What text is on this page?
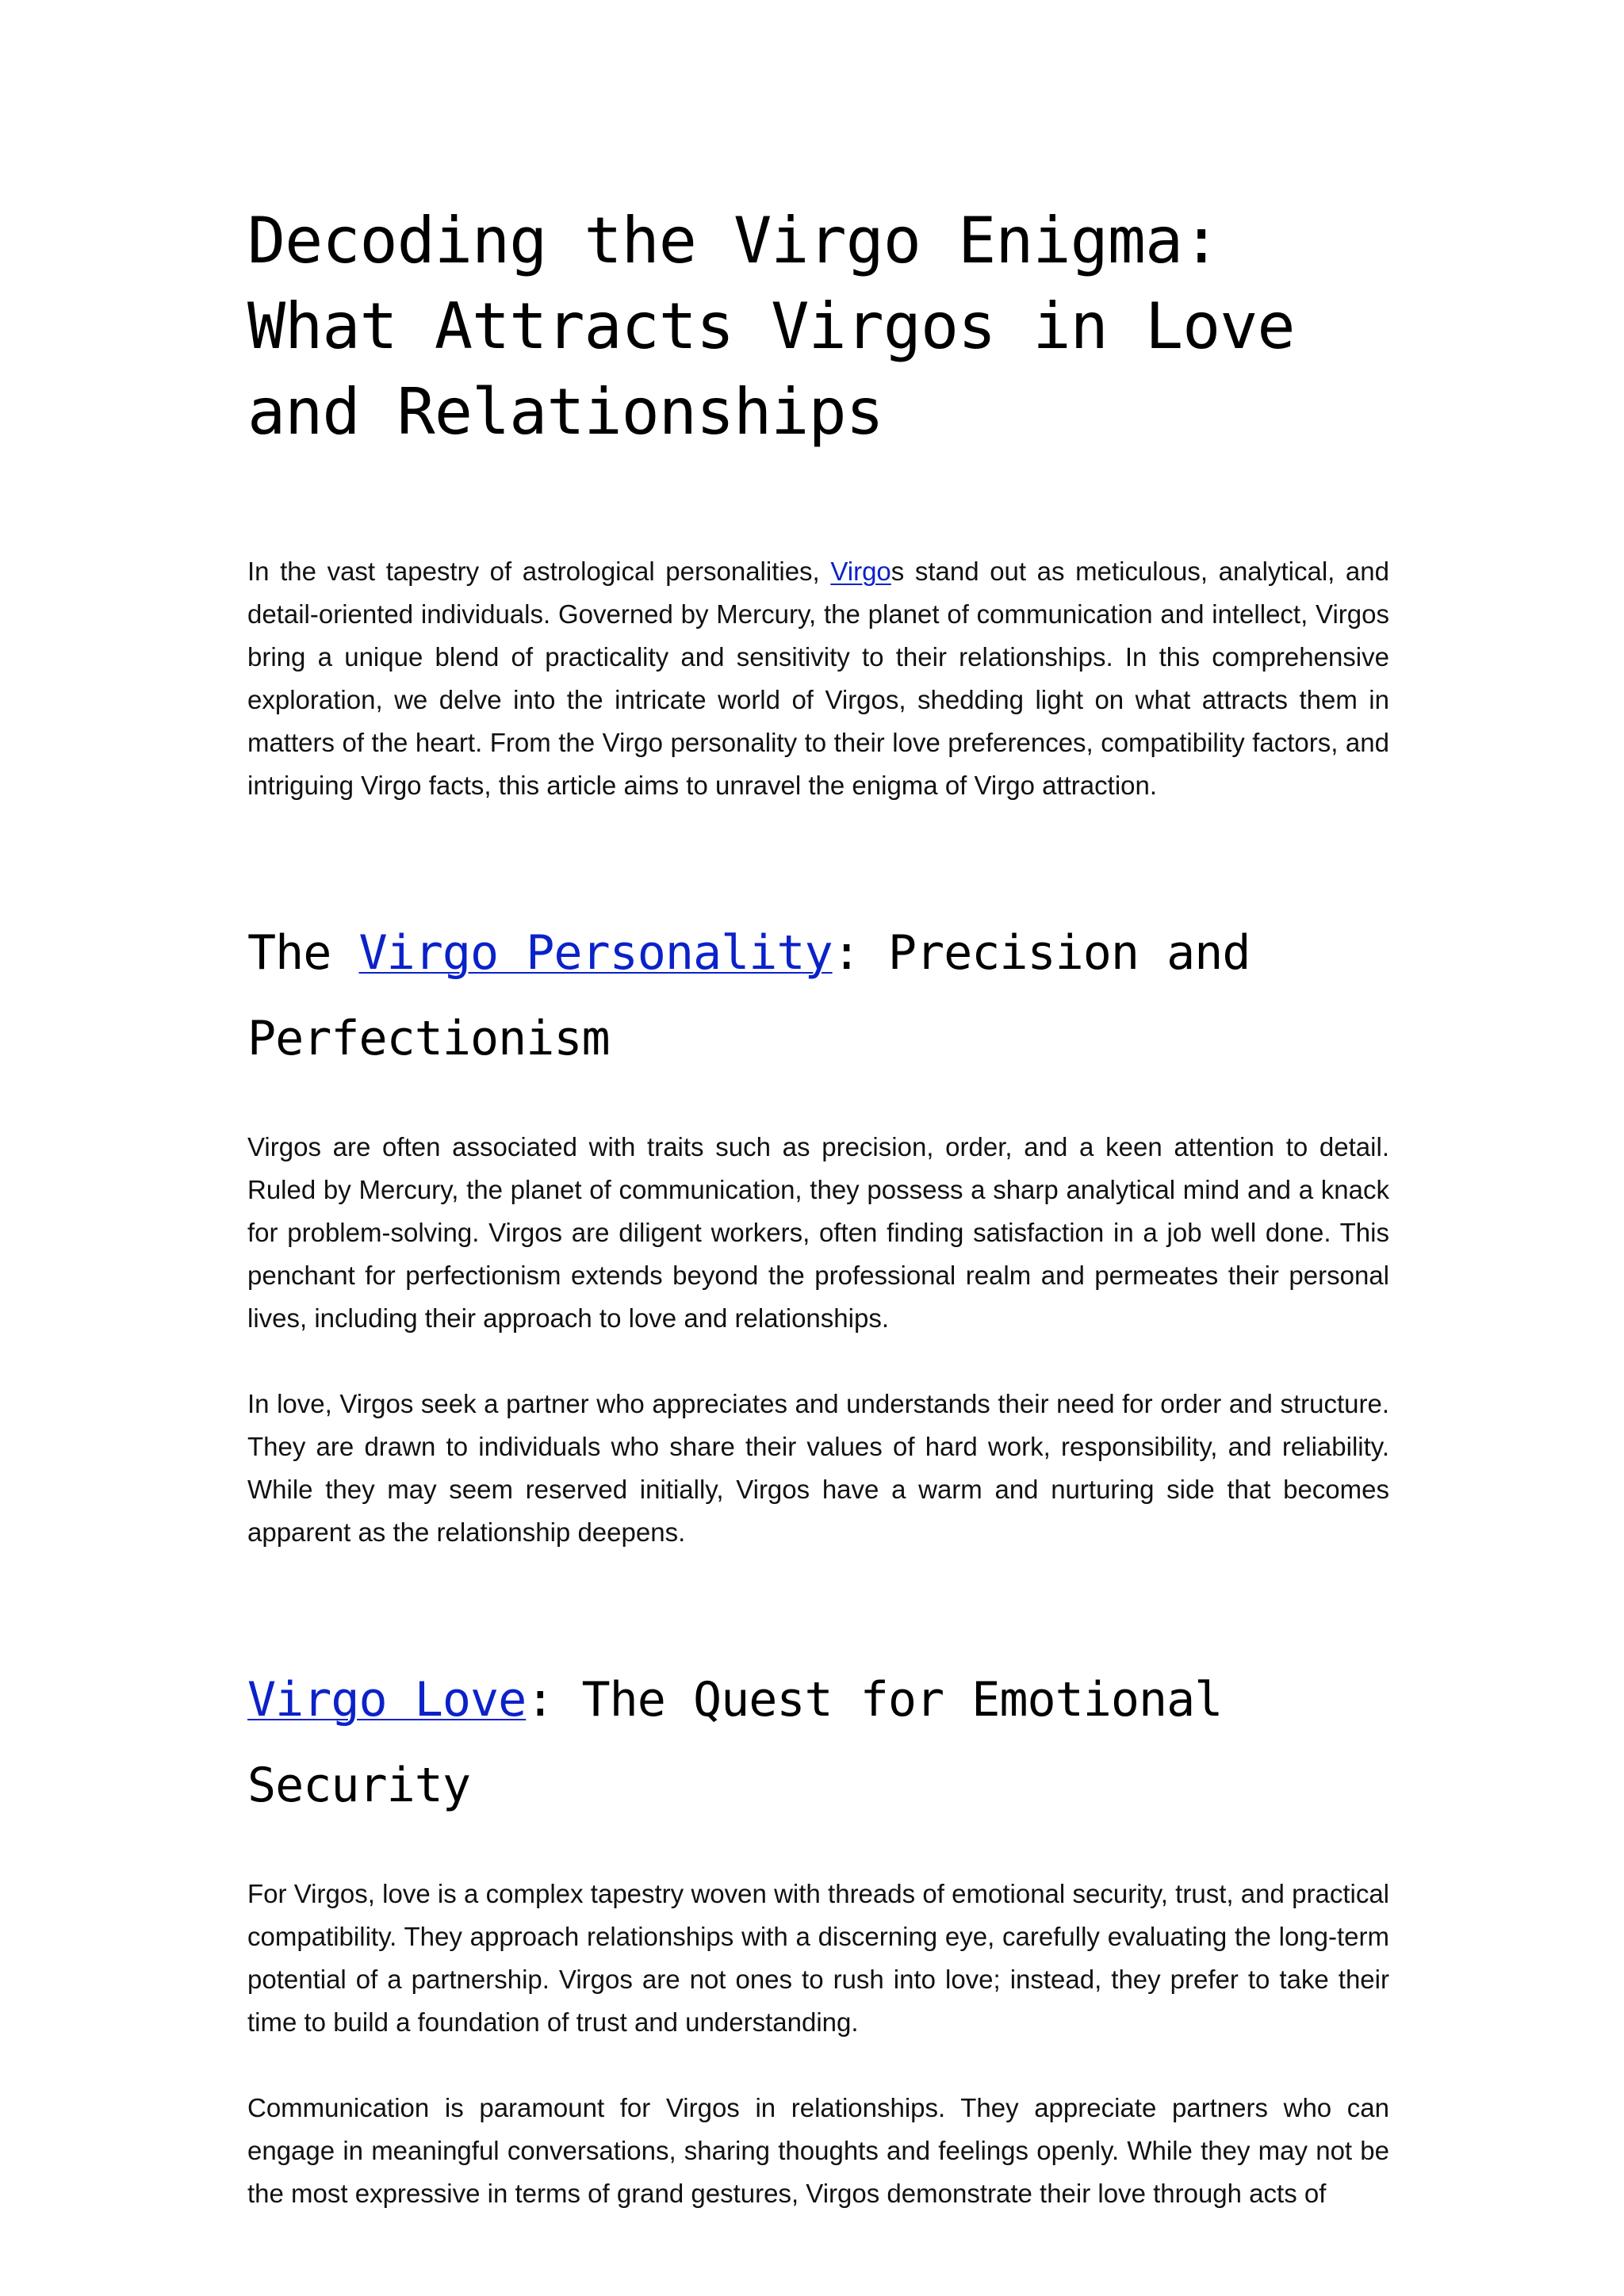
Decoding the Virgo Enigma: What Attracts Virgos in Love and Relationships

In the vast tapestry of astrological personalities, Virgos stand out as meticulous, analytical, and detail-oriented individuals. Governed by Mercury, the planet of communication and intellect, Virgos bring a unique blend of practicality and sensitivity to their relationships. In this comprehensive exploration, we delve into the intricate world of Virgos, shedding light on what attracts them in matters of the heart. From the Virgo personality to their love preferences, compatibility factors, and intriguing Virgo facts, this article aims to unravel the enigma of Virgo attraction.

The Virgo Personality: Precision and Perfectionism

Virgos are often associated with traits such as precision, order, and a keen attention to detail. Ruled by Mercury, the planet of communication, they possess a sharp analytical mind and a knack for problem-solving. Virgos are diligent workers, often finding satisfaction in a job well done. This penchant for perfectionism extends beyond the professional realm and permeates their personal lives, including their approach to love and relationships.

In love, Virgos seek a partner who appreciates and understands their need for order and structure. They are drawn to individuals who share their values of hard work, responsibility, and reliability. While they may seem reserved initially, Virgos have a warm and nurturing side that becomes apparent as the relationship deepens.

Virgo Love: The Quest for Emotional Security

For Virgos, love is a complex tapestry woven with threads of emotional security, trust, and practical compatibility. They approach relationships with a discerning eye, carefully evaluating the long-term potential of a partnership. Virgos are not ones to rush into love; instead, they prefer to take their time to build a foundation of trust and understanding.

Communication is paramount for Virgos in relationships. They appreciate partners who can engage in meaningful conversations, sharing thoughts and feelings openly. While they may not be the most expressive in terms of grand gestures, Virgos demonstrate their love through acts of
